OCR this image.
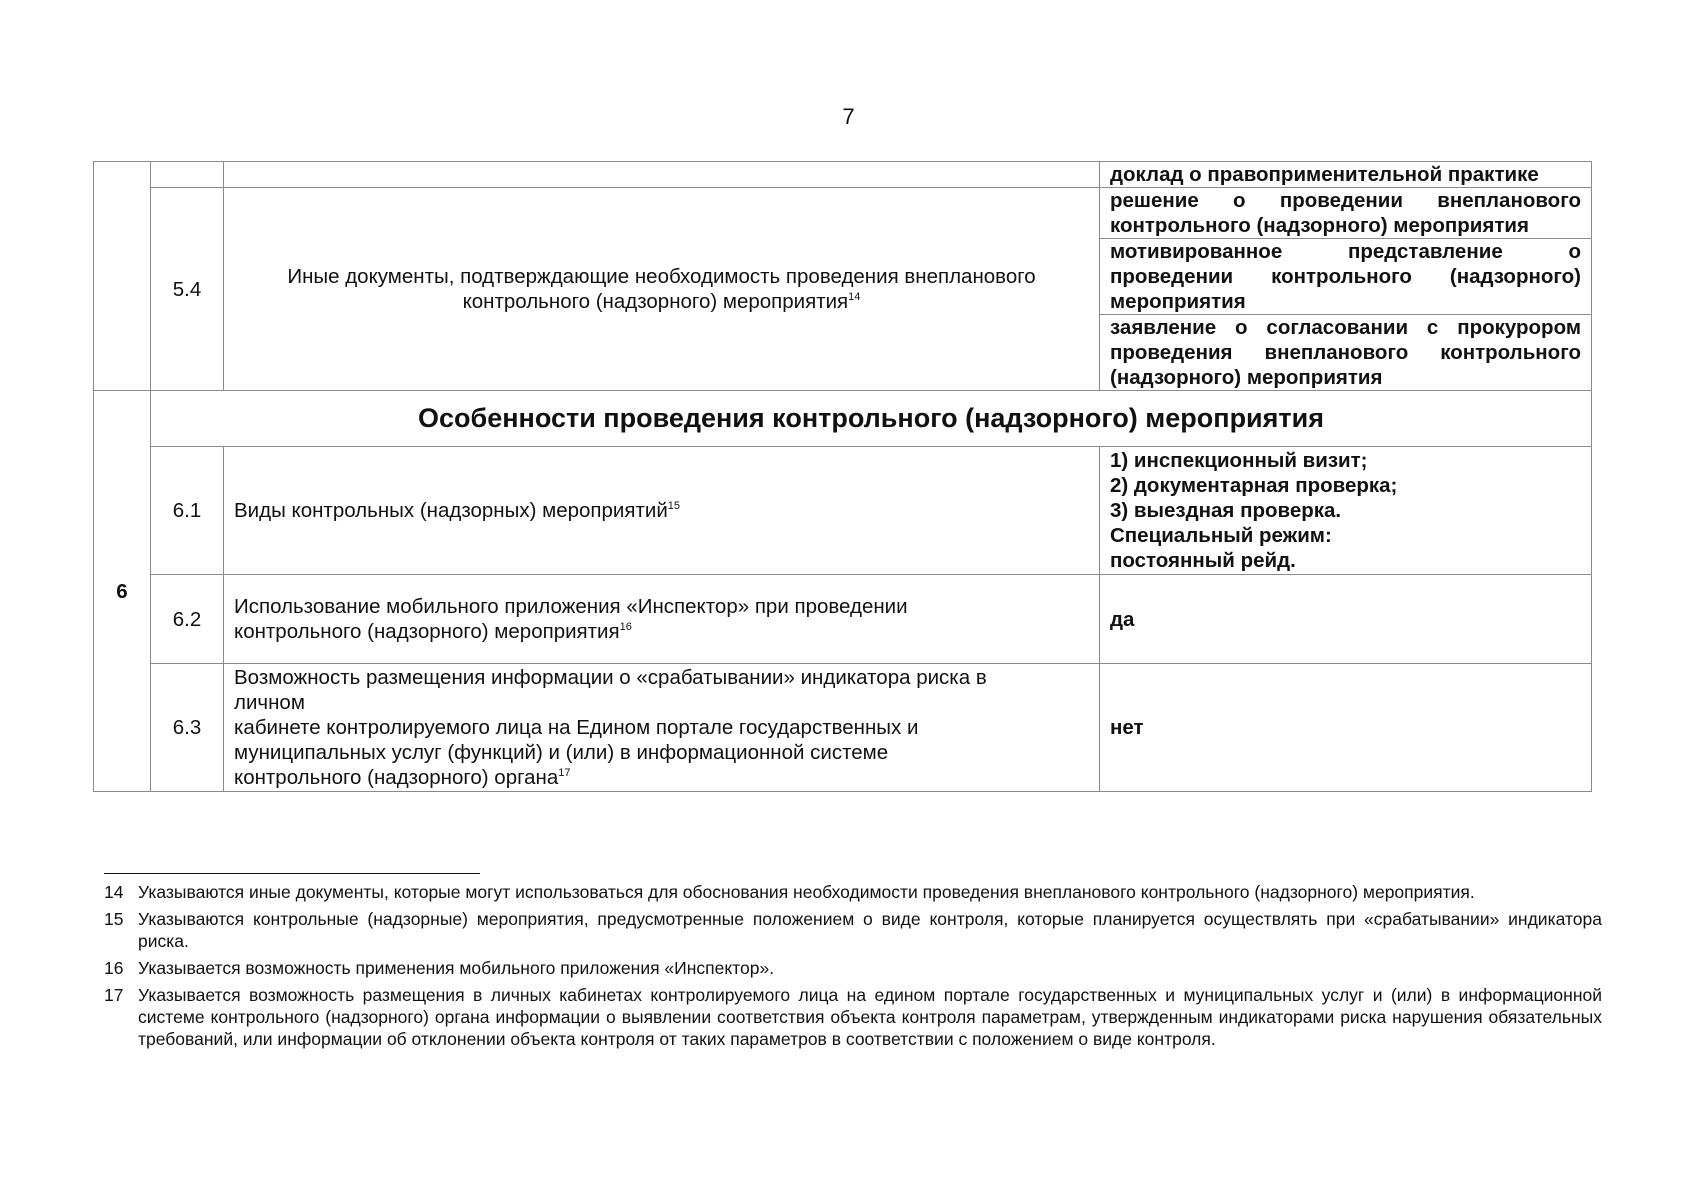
7
			доклад о правоприменительной практике
	5.4	Иные документы, подтверждающие необходимость проведения внепланового контрольного (надзорного) мероприятия$^{14}$	решение о проведении внепланового контрольного (надзорного) мероприятия
			мотивированное представление о проведении контрольного (надзорного) мероприятия
			заявление о согласовании с прокурором проведения внепланового контрольного (надзорного) мероприятия
6	Особенности проведения контрольного (надзорного) мероприятия		
	6.1	Виды контрольных (надзорных) мероприятий$^{15}$	1) инспекционный визит;
2) документарная проверка;
3) выездная проверка.
Специальный режим:
постоянный рейд.

	6.2	Использование мобильного приложения «Инспектор» при проведении
контрольного (надзорного) мероприятия$^{16}$	да
	6.3	Возможность размещения информации о «срабатывании» индикатора риска в
личном
кабинете контролируемого лица на Едином портале государственных и
муниципальных услуг (функций) и (или) в информационной системе
контрольного (надзорного) органа$^{17}$	нет
14 Указываются иные документы, которые могут использоваться для обоснования необходимости проведения внепланового контрольного (надзорного) мероприятия.
15 Указываются контрольные (надзорные) мероприятия, предусмотренные положением о виде контроля, которые планируется осуществлять при «срабатывании» индикатора риска.
16 Указывается возможность применения мобильного приложения «Инспектор».
17 Указывается возможность размещения в личных кабинетах контролируемого лица на едином портале государственных и муниципальных услуг и (или) в информационной системе контрольного (надзорного) органа информации о выявлении соответствия объекта контроля параметрам, утвержденным индикаторами риска нарушения обязательных требований, или информации об отклонении объекта контроля от таких параметров в соответствии с положением о виде контроля.
